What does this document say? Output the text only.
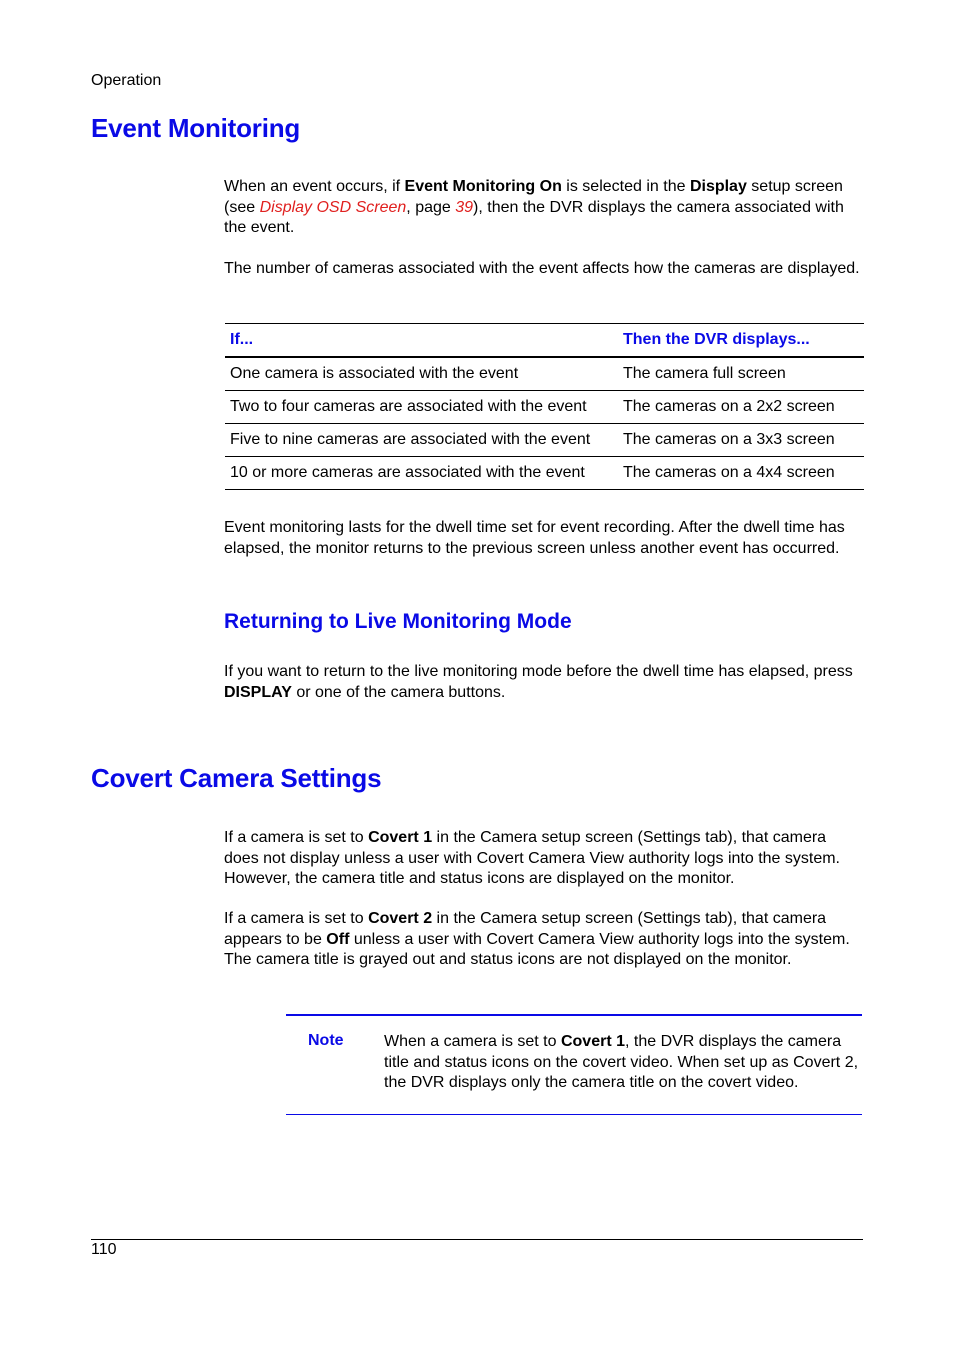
Operation
Event Monitoring

When an event occurs, if Event Monitoring On is selected in the Display setup screen (see Display OSD Screen, page 39), then the DVR displays the camera associated with the event.

The number of cameras associated with the event affects how the cameras are displayed.

If...	Then the DVR displays...
One camera is associated with the event	The camera full screen
Two to four cameras are associated with the event	The cameras on a 2x2 screen
Five to nine cameras are associated with the event	The cameras on a 3x3 screen
10 or more cameras are associated with the event	The cameras on a 4x4 screen

Event monitoring lasts for the dwell time set for event recording. After the dwell time has elapsed, the monitor returns to the previous screen unless another event has occurred.

Returning to Live Monitoring Mode

If you want to return to the live monitoring mode before the dwell time has elapsed, press DISPLAY or one of the camera buttons.

Covert Camera Settings

If a camera is set to Covert 1 in the Camera setup screen (Settings tab), that camera does not display unless a user with Covert Camera View authority logs into the system. However, the camera title and status icons are displayed on the monitor.

If a camera is set to Covert 2 in the Camera setup screen (Settings tab), that camera appears to be Off unless a user with Covert Camera View authority logs into the system. The camera title is grayed out and status icons are not displayed on the monitor.

Note	When a camera is set to Covert 1, the DVR displays the camera title and status icons on the covert video. When set up as Covert 2, the DVR displays only the camera title on the covert video.

110
